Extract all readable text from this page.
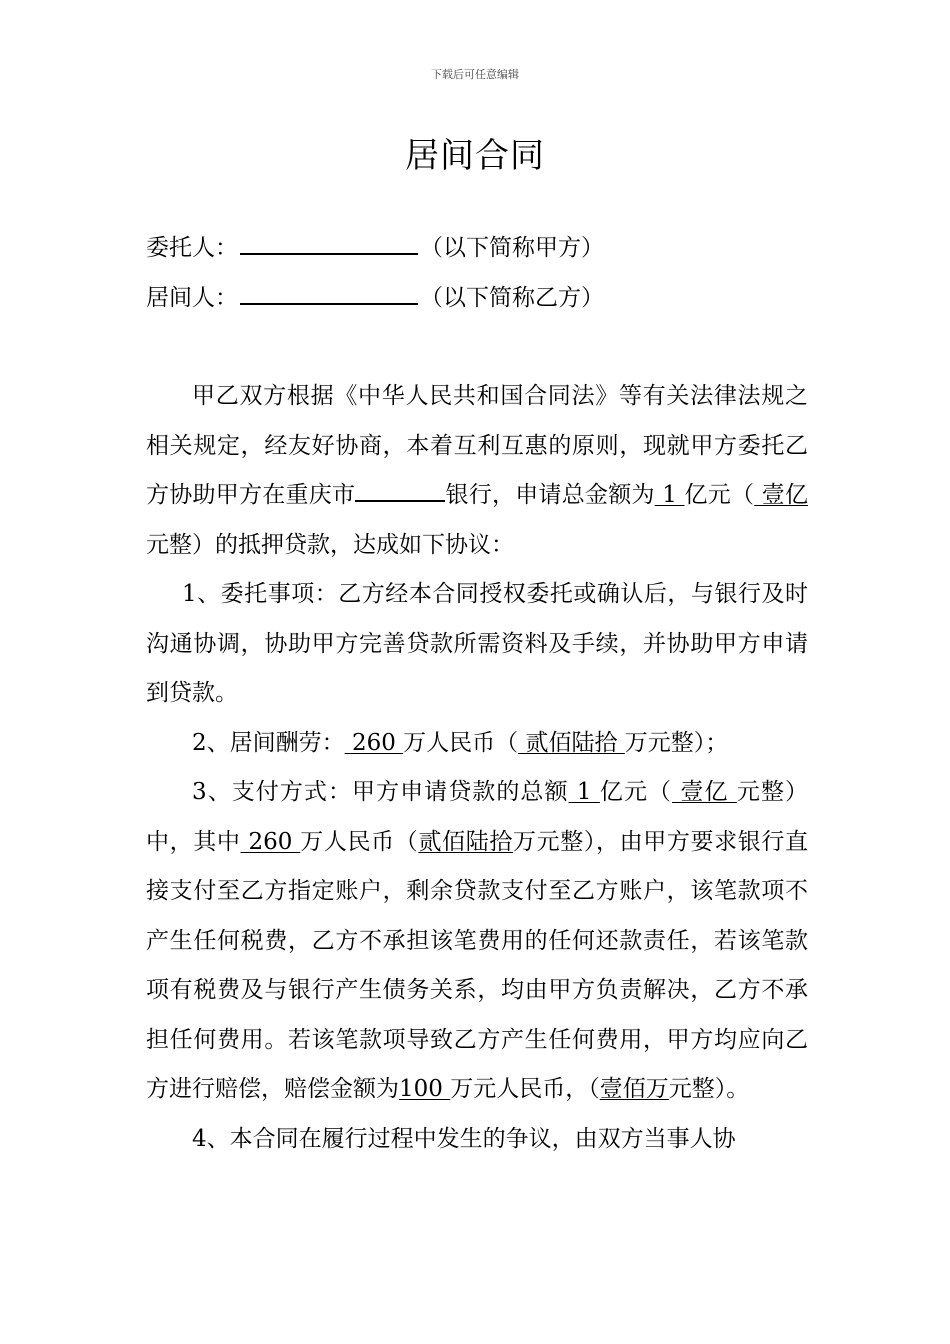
下载后可任意编辑
居间合同
委托人：	（以下简称甲方）
居间人：	（以下简称乙方）

甲乙双方根据《中华人民共和国合同法》等有关法律法规之相关规定，经友好协商，本着互利互惠的原则，现就甲方委托乙方协助甲方在重庆市	银行，申请总金额为 1 亿元（ 壹亿 元整）的抵押贷款，达成如下协议：

1、委托事项：乙方经本合同授权委托或确认后，与银行及时沟通协调，协助甲方完善贷款所需资料及手续，并协助甲方申请到贷款。

2、居间酬劳： 260 万人民币（ 贰佰陆拾 万元整）；

3、支付方式：甲方申请贷款的总额 1 亿元（ 壹亿 元整）中，其中 260 万人民币（贰佰陆拾万元整），由甲方要求银行直接支付至乙方指定账户，剩余贷款支付至乙方账户，该笔款项不产生任何税费，乙方不承担该笔费用的任何还款责任，若该笔款项有税费及与银行产生债务关系，均由甲方负责解决，乙方不承担任何费用。若该笔款项导致乙方产生任何费用，甲方均应向乙方进行赔偿，赔偿金额为100 万元人民币，（壹佰万元整）。

4、本合同在履行过程中发生的争议，由双方当事人协
